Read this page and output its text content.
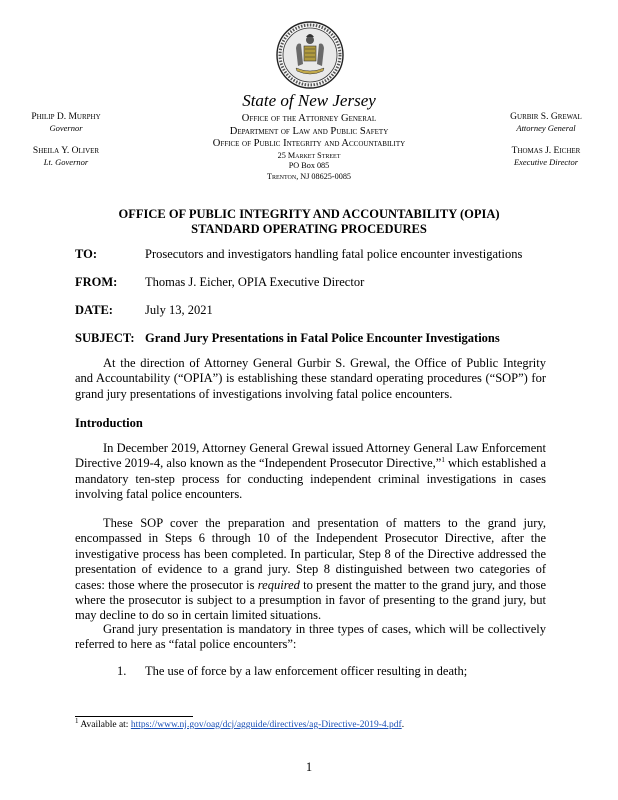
State of New Jersey
Office of the Attorney General
Department of Law and Public Safety
Office of Public Integrity and Accountability
25 Market Street
PO Box 085
Trenton, NJ 08625-0085
Philip D. Murphy
Governor
Sheila Y. Oliver
Lt. Governor
Gurbir S. Grewal
Attorney General
Thomas J. Eicher
Executive Director
OFFICE OF PUBLIC INTEGRITY AND ACCOUNTABILITY (OPIA)
STANDARD OPERATING PROCEDURES
TO:	Prosecutors and investigators handling fatal police encounter investigations
FROM: Thomas J. Eicher, OPIA Executive Director
DATE:	July 13, 2021
SUBJECT: Grand Jury Presentations in Fatal Police Encounter Investigations

At the direction of Attorney General Gurbir S. Grewal, the Office of Public Integrity and Accountability (“OPIA”) is establishing these standard operating procedures (“SOP”) for grand jury presentations of investigations involving fatal police encounters.

Introduction

In December 2019, Attorney General Grewal issued Attorney General Law Enforcement Directive 2019-4, also known as the “Independent Prosecutor Directive,”$^1$ which established a mandatory ten-step process for conducting independent criminal investigations in cases involving fatal police encounters.

These SOP cover the preparation and presentation of matters to the grand jury, encompassed in Steps 6 through 10 of the Independent Prosecutor Directive, after the investigative process has been completed. In particular, Step 8 of the Directive addressed the presentation of evidence to a grand jury. Step 8 distinguished between two categories of cases: those where the prosecutor is required to present the matter to the grand jury, and those where the prosecutor is subject to a presumption in favor of presenting to the grand jury, but may decline to do so in certain limited situations.

Grand jury presentation is mandatory in three types of cases, which will be collectively referred to here as “fatal police encounters”:

1. The use of force by a law enforcement officer resulting in death;
$^1$ Available at: https://www.nj.gov/oag/dcj/agguide/directives/ag-Directive-2019-4.pdf.
1
